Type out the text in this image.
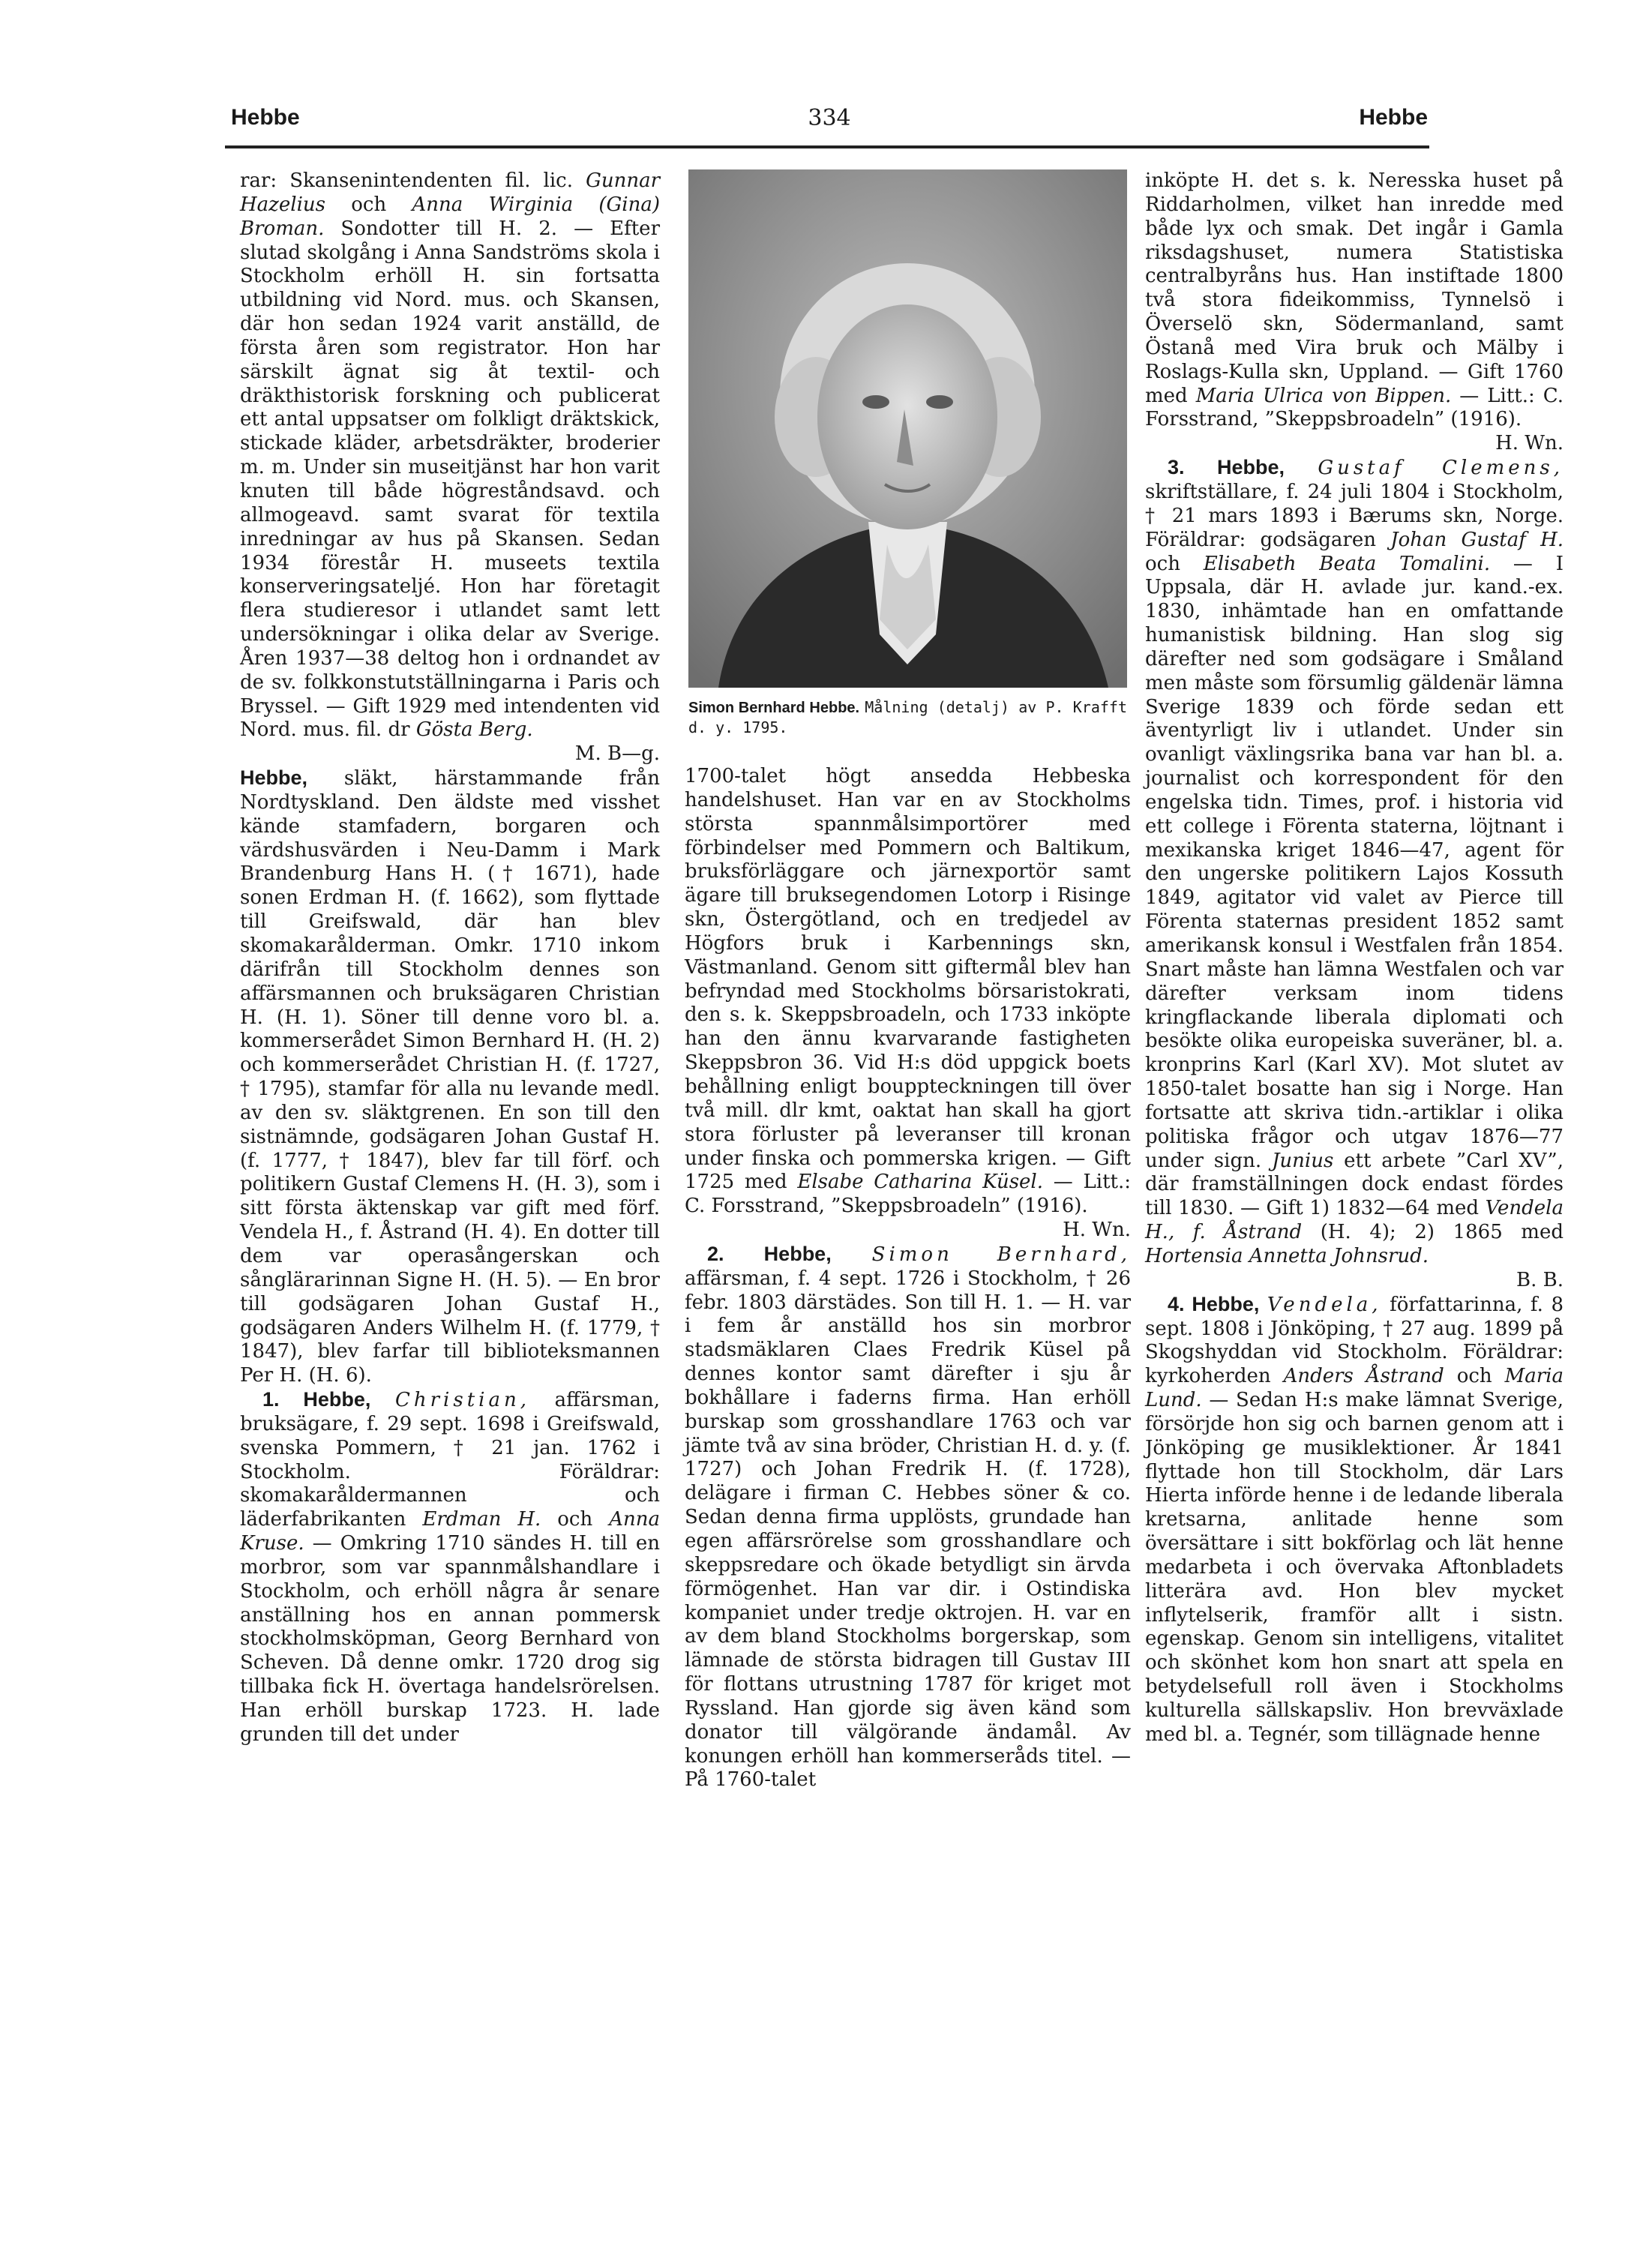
Hebbe	334	Hebbe

rar: Skansenintendenten fil. lic. Gunnar Hazelius och Anna Wirginia (Gina) Broman. Sondotter till H. 2. — Efter slutad skolgång i Anna Sandströms skola i Stockholm erhöll H. sin fortsatta utbildning vid Nord. mus. och Skansen, där hon sedan 1924 varit anställd, de första åren som registrator. Hon har särskilt ägnat sig åt textil- och dräkthistorisk forskning och publicerat ett antal uppsatser om folkligt dräktskick, stickade kläder, arbetsdräkter, broderier m. m. Under sin museitjänst har hon varit knuten till både högreståndsavd. och allmogeavd. samt svarat för textila inredningar av hus på Skansen. Sedan 1934 förestår H. museets textila konserveringsateljé. Hon har företagit flera studieresor i utlandet samt lett undersökningar i olika delar av Sverige. Åren 1937—38 deltog hon i ordnandet av de sv. folkkonstutställningarna i Paris och Bryssel. — Gift 1929 med intendenten vid Nord. mus. fil. dr Gösta Berg.

M. B—g.

Hebbe, släkt, härstammande från Nordtyskland. Den äldste med visshet kände stamfadern, borgaren och värdshusvärden i Neu-Damm i Mark Brandenburg Hans H. († 1671), hade sonen Erdman H. (f. 1662), som flyttade till Greifswald, där han blev skomakarålderman. Omkr. 1710 inkom därifrån till Stockholm dennes son affärsmannen och bruksägaren Christian H. (H. 1). Söner till denne voro bl. a. kommerserådet Simon Bernhard H. (H. 2) och kommerserådet Christian H. (f. 1727, † 1795), stamfar för alla nu levande medl. av den sv. släktgrenen. En son till den sistnämnde, godsägaren Johan Gustaf H. (f. 1777, † 1847), blev far till förf. och politikern Gustaf Clemens H. (H. 3), som i sitt första äktenskap var gift med förf. Vendela H., f. Åstrand (H. 4). En dotter till dem var operasångerskan och sånglärarinnan Signe H. (H. 5). — En bror till godsägaren Johan Gustaf H., godsägaren Anders Wilhelm H. (f. 1779, † 1847), blev farfar till biblioteksmannen Per H. (H. 6).

1. Hebbe, Christian, affärsman, bruksägare, f. 29 sept. 1698 i Greifswald, svenska Pommern, † 21 jan. 1762 i Stockholm. Föräldrar: skomakaråldermannen och läderfabrikanten Erdman H. och Anna Kruse. — Omkring 1710 sändes H. till en morbror, som var spannmålshandlare i Stockholm, och erhöll några år senare anställning hos en annan pommersk stockholmsköpman, Georg Bernhard von Scheven. Då denne omkr. 1720 drog sig tillbaka fick H. övertaga handelsrörelsen. Han erhöll burskap 1723. H. lade grunden till det under

Simon Bernhard Hebbe. Målning (detalj) av P. Krafft d. y. 1795.

1700-talet högt ansedda Hebbeska handelshuset. Han var en av Stockholms största spannmålsimportörer med förbindelser med Pommern och Baltikum, bruksförläggare och järnexportör samt ägare till bruksegendomen Lotorp i Risinge skn, Östergötland, och en tredjedel av Högfors bruk i Karbennings skn, Västmanland. Genom sitt giftermål blev han befryndad med Stockholms börsaristokrati, den s. k. Skeppsbroadeln, och 1733 inköpte han den ännu kvarvarande fastigheten Skeppsbron 36. Vid H:s död uppgick boets behållning enligt bouppteckningen till över två mill. dlr kmt, oaktat han skall ha gjort stora förluster på leveranser till kronan under finska och pommerska krigen. — Gift 1725 med Elsabe Catharina Küsel. — Litt.: C. Forsstrand, ”Skeppsbroadeln” (1916).

H. Wn.

2. Hebbe, Simon Bernhard, affärsman, f. 4 sept. 1726 i Stockholm, † 26 febr. 1803 därstädes. Son till H. 1. — H. var i fem år anställd hos sin morbror stadsmäklaren Claes Fredrik Küsel på dennes kontor samt därefter i sju år bokhållare i faderns firma. Han erhöll burskap som grosshandlare 1763 och var jämte två av sina bröder, Christian H. d. y. (f. 1727) och Johan Fredrik H. (f. 1728), delägare i firman C. Hebbes söner & co. Sedan denna firma upplösts, grundade han egen affärsrörelse som grosshandlare och skeppsredare och ökade betydligt sin ärvda förmögenhet. Han var dir. i Ostindiska kompaniet under tredje oktrojen. H. var en av dem bland Stockholms borgerskap, som lämnade de största bidragen till Gustav III för flottans utrustning 1787 för kriget mot Ryssland. Han gjorde sig även känd som donator till välgörande ändamål. Av konungen erhöll han kommerseråds titel. — På 1760-talet

inköpte H. det s. k. Neresska huset på Riddarholmen, vilket han inredde med både lyx och smak. Det ingår i Gamla riksdagshuset, numera Statistiska centralbyråns hus. Han instiftade 1800 två stora fideikommiss, Tynnelsö i Överselö skn, Södermanland, samt Östanå med Vira bruk och Mälby i Roslags-Kulla skn, Uppland. — Gift 1760 med Maria Ulrica von Bippen. — Litt.: C. Forsstrand, ”Skeppsbroadeln” (1916).

H. Wn.

3. Hebbe, Gustaf Clemens, skriftställare, f. 24 juli 1804 i Stockholm, † 21 mars 1893 i Bærums skn, Norge. Föräldrar: godsägaren Johan Gustaf H. och Elisabeth Beata Tomalini. — I Uppsala, där H. avlade jur. kand.-ex. 1830, inhämtade han en omfattande humanistisk bildning. Han slog sig därefter ned som godsägare i Småland men måste som försumlig gäldenär lämna Sverige 1839 och förde sedan ett äventyrligt liv i utlandet. Under sin ovanligt växlingsrika bana var han bl. a. journalist och korrespondent för den engelska tidn. Times, prof. i historia vid ett college i Förenta staterna, löjtnant i mexikanska kriget 1846—47, agent för den ungerske politikern Lajos Kossuth 1849, agitator vid valet av Pierce till Förenta staternas president 1852 samt amerikansk konsul i Westfalen från 1854. Snart måste han lämna Westfalen och var därefter verksam inom tidens kringflackande liberala diplomati och besökte olika europeiska suveräner, bl. a. kronprins Karl (Karl XV). Mot slutet av 1850-talet bosatte han sig i Norge. Han fortsatte att skriva tidn.-artiklar i olika politiska frågor och utgav 1876—77 under sign. Junius ett arbete ”Carl XV”, där framställningen dock endast fördes till 1830. — Gift 1) 1832—64 med Vendela H., f. Åstrand (H. 4); 2) 1865 med Hortensia Annetta Johnsrud.

B. B.

4. Hebbe, Vendela, författarinna, f. 8 sept. 1808 i Jönköping, † 27 aug. 1899 på Skogshyddan vid Stockholm. Föräldrar: kyrkoherden Anders Åstrand och Maria Lund. — Sedan H:s make lämnat Sverige, försörjde hon sig och barnen genom att i Jönköping ge musiklektioner. År 1841 flyttade hon till Stockholm, där Lars Hierta införde henne i de ledande liberala kretsarna, anlitade henne som översättare i sitt bokförlag och lät henne medarbeta i och övervaka Aftonbladets litterära avd. Hon blev mycket inflytelserik, framför allt i sistn. egenskap. Genom sin intelligens, vitalitet och skönhet kom hon snart att spela en betydelsefull roll även i Stockholms kulturella sällskapsliv. Hon brevväxlade med bl. a. Tegnér, som tillägnade henne
